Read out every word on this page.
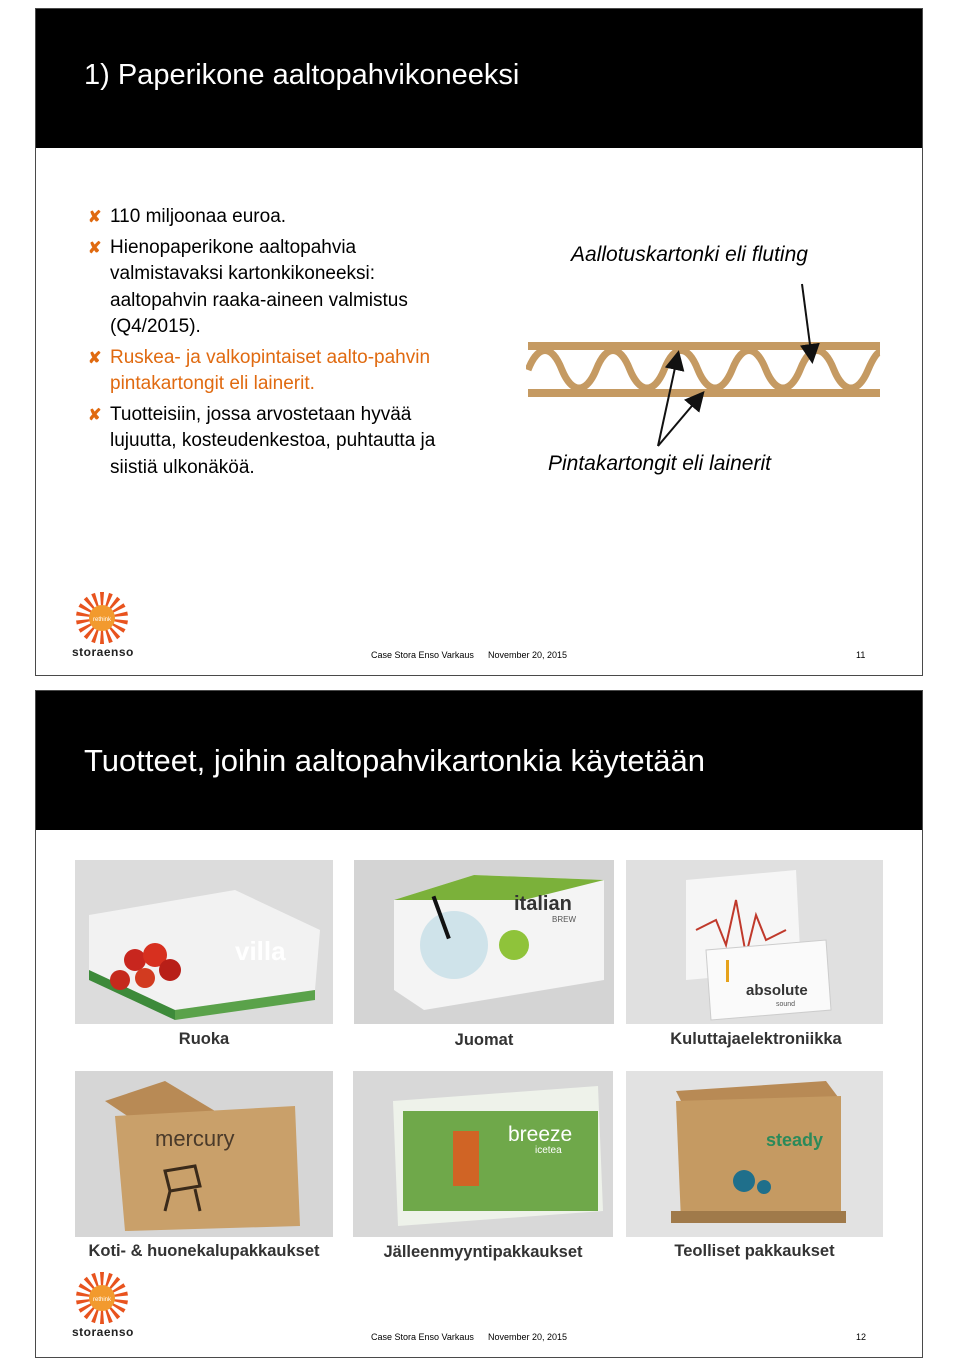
1) Paperikone aaltopahvikoneeksi
✘ 110 miljoonaa euroa.
✘ Hienopaperikone aaltopahvia valmistavaksi kartonkikoneeksi: aaltopahvin raaka-aineen valmistus (Q4/2015).
✘ Ruskea- ja valkopintaiset aalto-pahvin pintakartongit eli lainerit.
✘ Tuotteisiin, jossa arvostetaan hyvää lujuutta, kosteudenkestoa, puhtautta ja siistiä ulkonäköä.
Aallotuskartonki eli fluting
Pintakartongit eli lainerit
rethink
storaenso	Case Stora Enso Varkaus November 20, 2015	11
Tuotteet, joihin aaltopahvikartonkia käytetään
villa
italian
BREW
absolute
sound
Ruoka	Juomat	Kuluttajaelektroniikka
mercury	breeze
icetea
steady
Koti- & huonekalupakkaukset	Jälleenmyyntipakkaukset	Teolliset pakkaukset
rethink
storaenso	Case Stora Enso Varkaus November 20, 2015	12
